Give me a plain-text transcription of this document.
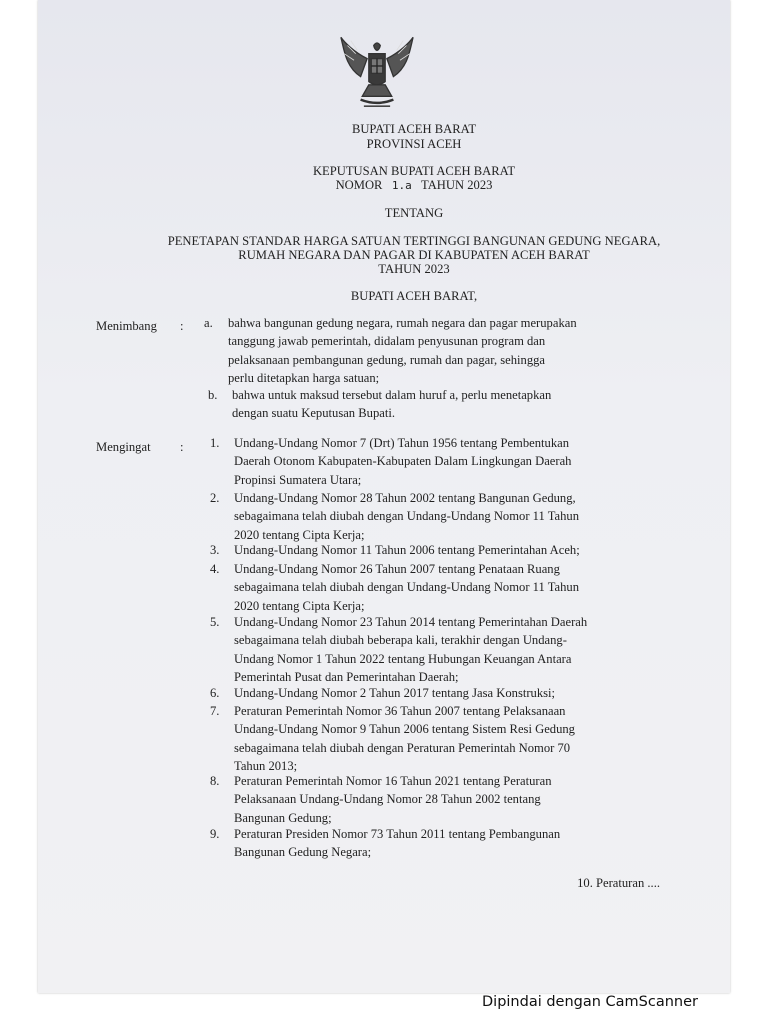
BUPATI ACEH BARAT
PROVINSI ACEH
KEPUTUSAN BUPATI ACEH BARAT
NOMOR 1.a TAHUN 2023
TENTANG
PENETAPAN STANDAR HARGA SATUAN TERTINGGI BANGUNAN GEDUNG NEGARA,
RUMAH NEGARA DAN PAGAR DI KABUPATEN ACEH BARAT
TAHUN 2023
BUPATI ACEH BARAT,
Menimbang : a. bahwa bangunan gedung negara, rumah negara dan pagar merupakan
tanggung jawab pemerintah, didalam penyusunan program dan
pelaksanaan pembangunan gedung, rumah dan pagar, sehingga
perlu ditetapkan harga satuan;
b. bahwa untuk maksud tersebut dalam huruf a, perlu menetapkan
dengan suatu Keputusan Bupati.
Mengingat : 1. Undang-Undang Nomor 7 (Drt) Tahun 1956 tentang Pembentukan
Daerah Otonom Kabupaten-Kabupaten Dalam Lingkungan Daerah
Propinsi Sumatera Utara;
2. Undang-Undang Nomor 28 Tahun 2002 tentang Bangunan Gedung,
sebagaimana telah diubah dengan Undang-Undang Nomor 11 Tahun
2020 tentang Cipta Kerja;
3. Undang-Undang Nomor 11 Tahun 2006 tentang Pemerintahan Aceh;
4. Undang-Undang Nomor 26 Tahun 2007 tentang Penataan Ruang
sebagaimana telah diubah dengan Undang-Undang Nomor 11 Tahun
2020 tentang Cipta Kerja;
5. Undang-Undang Nomor 23 Tahun 2014 tentang Pemerintahan Daerah
sebagaimana telah diubah beberapa kali, terakhir dengan Undang-
Undang Nomor 1 Tahun 2022 tentang Hubungan Keuangan Antara
Pemerintah Pusat dan Pemerintahan Daerah;
6. Undang-Undang Nomor 2 Tahun 2017 tentang Jasa Konstruksi;
7. Peraturan Pemerintah Nomor 36 Tahun 2007 tentang Pelaksanaan
Undang-Undang Nomor 9 Tahun 2006 tentang Sistem Resi Gedung
sebagaimana telah diubah dengan Peraturan Pemerintah Nomor 70
Tahun 2013;
8. Peraturan Pemerintah Nomor 16 Tahun 2021 tentang Peraturan
Pelaksanaan Undang-Undang Nomor 28 Tahun 2002 tentang
Bangunan Gedung;
9. Peraturan Presiden Nomor 73 Tahun 2011 tentang Pembangunan
Bangunan Gedung Negara;
10. Peraturan ....
Dipindai dengan CamScanner
